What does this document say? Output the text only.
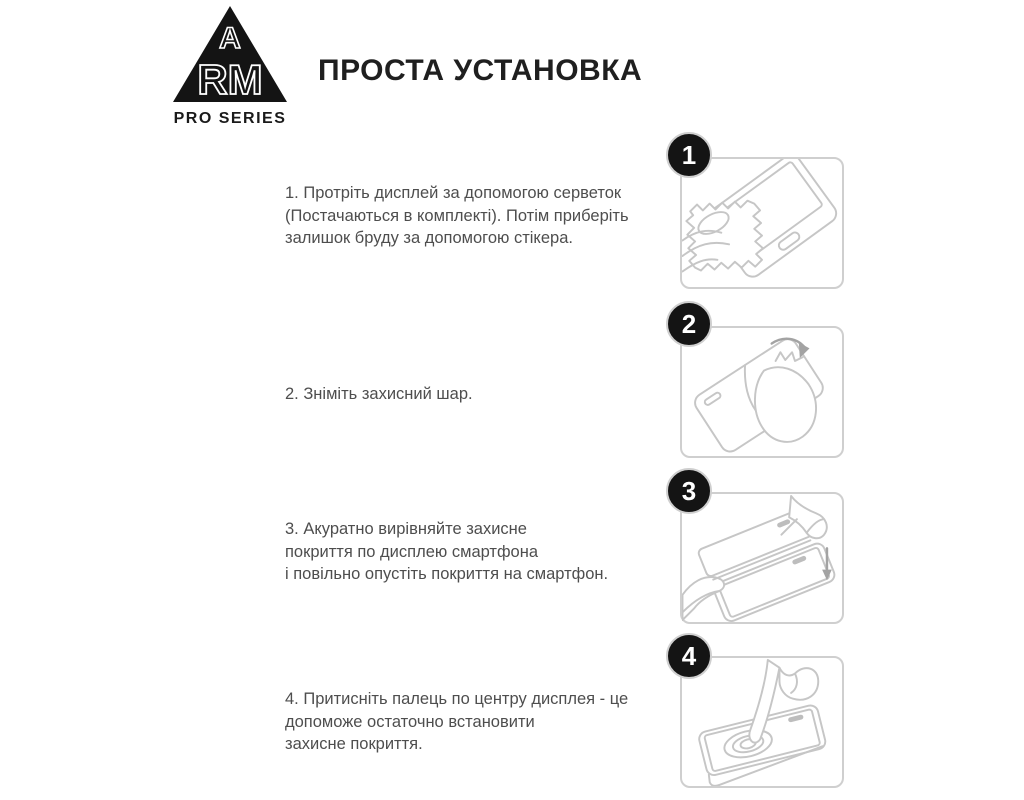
A
RM
PRO SERIES
ПРОСТА УСТАНОВКА
1. Протріть дисплей за допомогою серветок
(Постачаються в комплекті). Потім приберіть
залишок бруду за допомогою стікера.
1
2. Зніміть захисний шар.
2
3. Акуратно вирівняйте захисне
покриття по дисплею смартфона
і повільно опустіть покриття на смартфон.
3
4. Притисніть палець по центру дисплея - це
допоможе остаточно встановити
захисне покриття.
4
